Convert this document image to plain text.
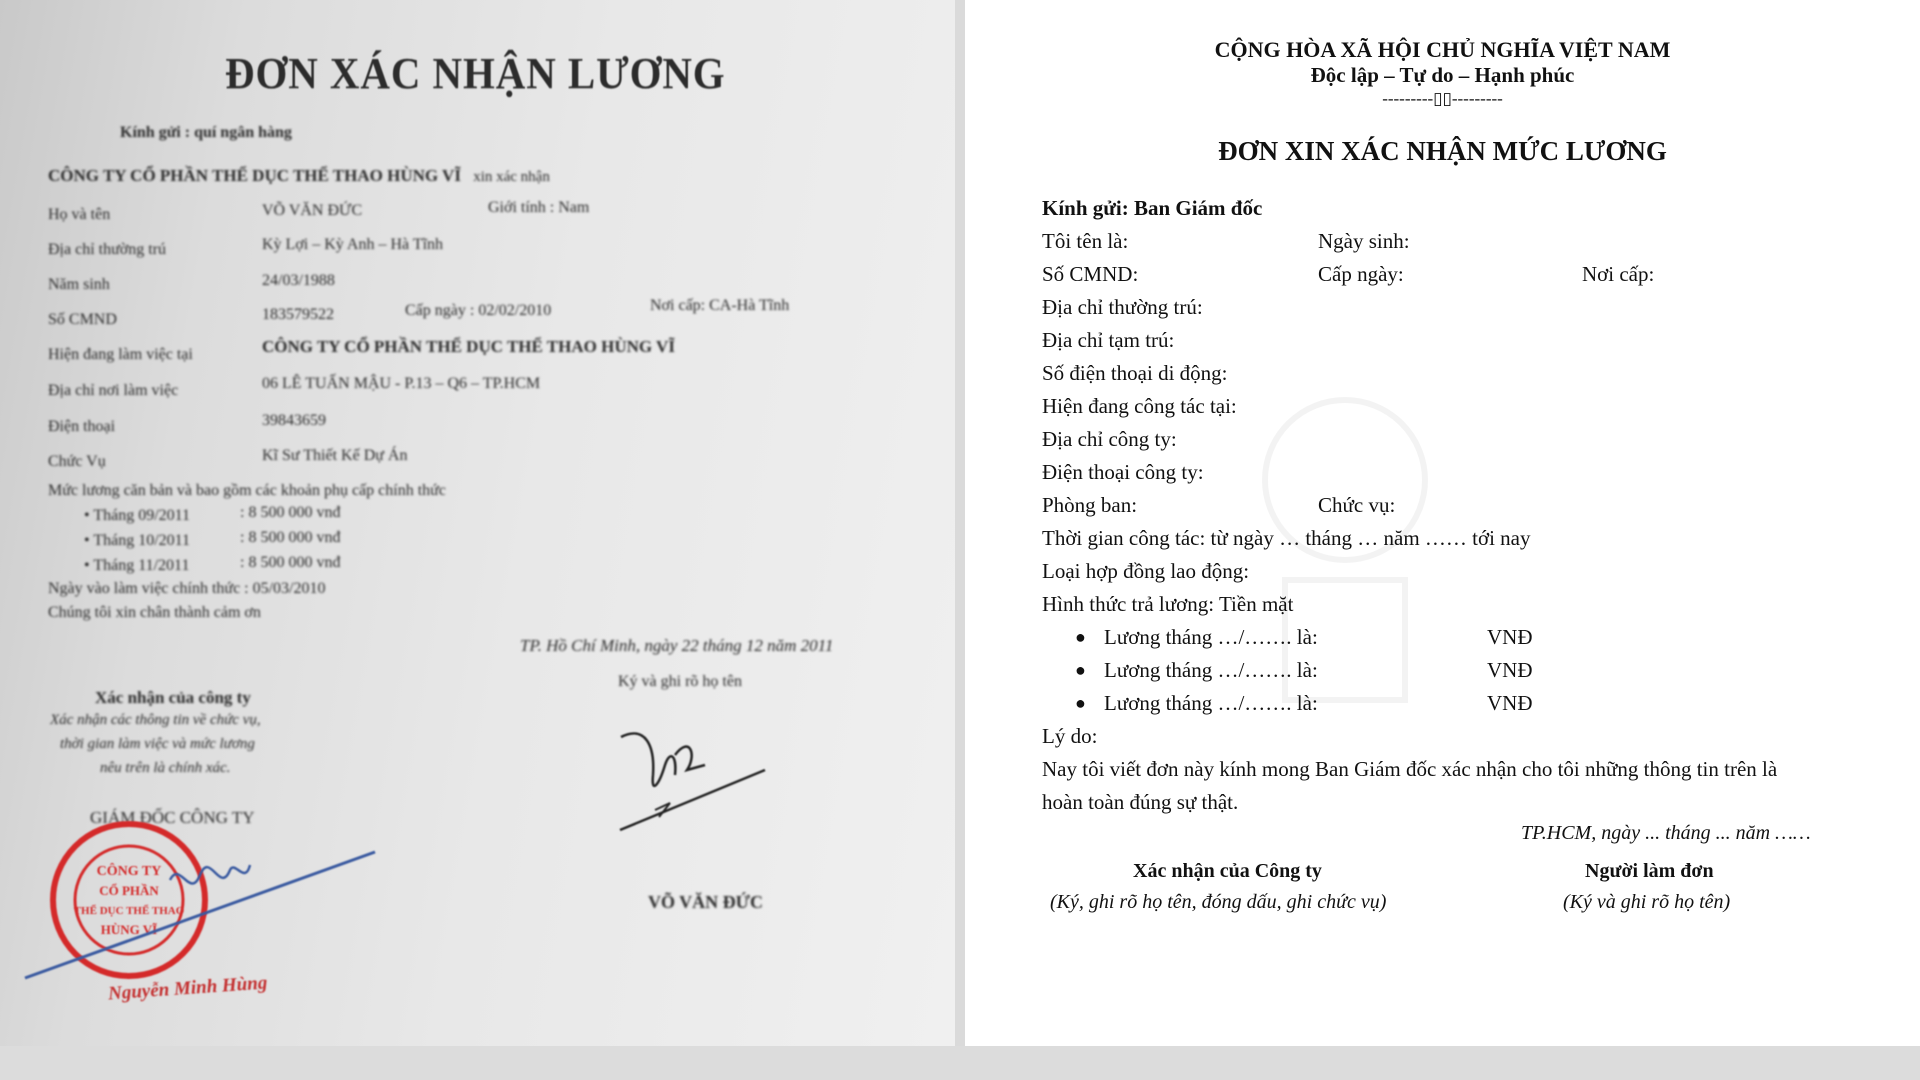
ĐƠN XÁC NHẬN LƯƠNG
Kính gửi : quí ngân hàng
CÔNG TY CỔ PHẦN THỂ DỤC THỂ THAO HÙNG VĨ xin xác nhận
Họ và tên	VÕ VĂN ĐỨC	Giới tính : Nam
Địa chỉ thường trú	Kỳ Lợi – Kỳ Anh – Hà Tĩnh
Năm sinh	24/03/1988
Số CMND	183579522	Cấp ngày : 02/02/2010	Nơi cấp: CA-Hà Tĩnh
Hiện đang làm việc tại	CÔNG TY CỔ PHẦN THỂ DỤC THỂ THAO HÙNG VĨ
Địa chỉ nơi làm việc	06 LÊ TUẤN MẬU - P.13 – Q6 – TP.HCM
Điện thoại	39843659
Chức Vụ	Kĩ Sư Thiết Kế Dự Án
Mức lương căn bản và bao gồm các khoản phụ cấp chính thức
• Tháng 09/2011	: 8 500 000 vnđ
• Tháng 10/2011	: 8 500 000 vnđ
• Tháng 11/2011	: 8 500 000 vnđ
Ngày vào làm việc chính thức : 05/03/2010
Chúng tôi xin chân thành cảm ơn
TP. Hồ Chí Minh, ngày 22 tháng 12 năm 2011
Ký và ghi rõ họ tên
Xác nhận của công ty
Xác nhận các thông tin về chức vụ,
thời gian làm việc và mức lương
nêu trên là chính xác.
GIÁM ĐỐC CÔNG TY
CÔNG TY
CỔ PHẦN
THỂ DỤC THỂ THAO
HÙNG VĨ
Nguyễn Minh Hùng
VÕ VĂN ĐỨC
CỘNG HÒA XÃ HỘI CHỦ NGHĨA VIỆT NAM
Độc lập – Tự do – Hạnh phúc
---------▯▯---------
ĐƠN XIN XÁC NHẬN MỨC LƯƠNG
Kính gửi: Ban Giám đốc
Tôi tên là:	Ngày sinh:
Số CMND:	Cấp ngày:	Nơi cấp:
Địa chỉ thường trú:
Địa chỉ tạm trú:
Số điện thoại di động:
Hiện đang công tác tại:
Địa chỉ công ty:
Điện thoại công ty:
Phòng ban:	Chức vụ:
Thời gian công tác: từ ngày … tháng … năm …… tới nay
Loại hợp đồng lao động:
Hình thức trả lương: Tiền mặt
● Lương tháng …/……. là:	VNĐ
● Lương tháng …/……. là:	VNĐ
● Lương tháng …/……. là:	VNĐ
Lý do:
Nay tôi viết đơn này kính mong Ban Giám đốc xác nhận cho tôi những thông tin trên là
hoàn toàn đúng sự thật.
TP.HCM, ngày ... tháng ... năm ……
Xác nhận của Công ty
(Ký, ghi rõ họ tên, đóng dấu, ghi chức vụ)
Người làm đơn
(Ký và ghi rõ họ tên)
